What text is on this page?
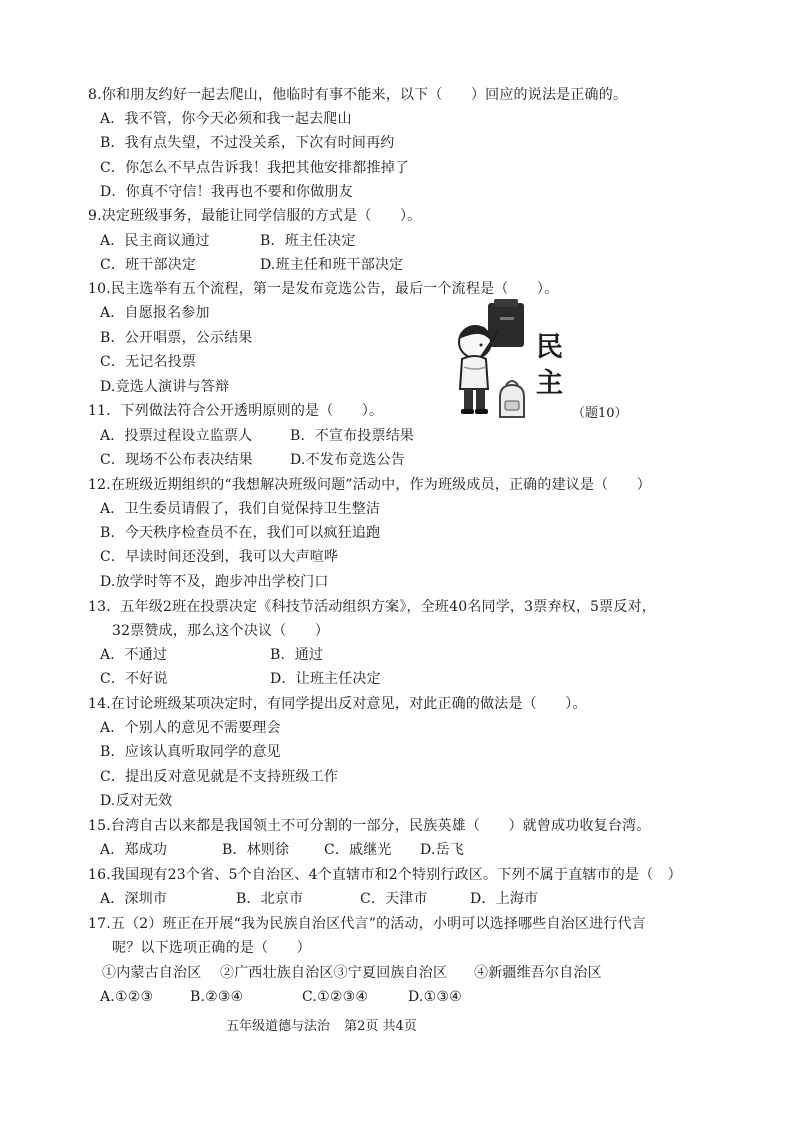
8.你和朋友约好一起去爬山，他临时有事不能来，以下（　　）回应的说法是正确的。
A．我不管，你今天必须和我一起去爬山
B．我有点失望，不过没关系，下次有时间再约
C．你怎么不早点告诉我！我把其他安排都推掉了
D．你真不守信！我再也不要和你做朋友
9.决定班级事务，最能让同学信服的方式是（　　）。
A．民主商议通过	B．班主任决定
C．班干部决定	D.班主任和班干部决定
10.民主选举有五个流程，第一是发布竞选公告，最后一个流程是（　　）。
A．自愿报名参加
B．公开唱票，公示结果
C．无记名投票
D.竞选人演讲与答辩
民
主
（题10）
11．下列做法符合公开透明原则的是（　　）。
A．投票过程设立监票人	B．不宣布投票结果
C．现场不公布表决结果	D.不发布竞选公告
12.在班级近期组织的“我想解决班级问题”活动中，作为班级成员，正确的建议是（　　）
A．卫生委员请假了，我们自觉保持卫生整洁
B．今天秩序检查员不在，我们可以疯狂追跑
C．早读时间还没到，我可以大声喧哗
D.放学时等不及，跑步冲出学校门口
13．五年级2班在投票决定《科技节活动组织方案》，全班40名同学，3票弃权，5票反对，
32票赞成，那么这个决议（　　）
A．不通过	B．通过
C．不好说	D．让班主任决定
14.在讨论班级某项决定时，有同学提出反对意见，对此正确的做法是（　　）。
A．个别人的意见不需要理会
B．应该认真听取同学的意见
C．提出反对意见就是不支持班级工作
D.反对无效
15.台湾自古以来都是我国领土不可分割的一部分，民族英雄（　　）就曾成功收复台湾。
A．郑成功	B．林则徐 C．戚继光 D.岳飞
16.我国现有23个省、5个自治区、4个直辖市和2个特别行政区。下列不属于直辖市的是（　）
A．深圳市	B．北京市	C．天津市	D．上海市
17.五（2）班正在开展“我为民族自治区代言”的活动，小明可以选择哪些自治区进行代言
呢？以下选项正确的是（　　）
①内蒙古自治区 ②广西壮族自治区③宁夏回族自治区 ④新疆维吾尔自治区
A.①②③	B.②③④	C.①②③④	D.①③④
五年级道德与法治 第2页 共4页
